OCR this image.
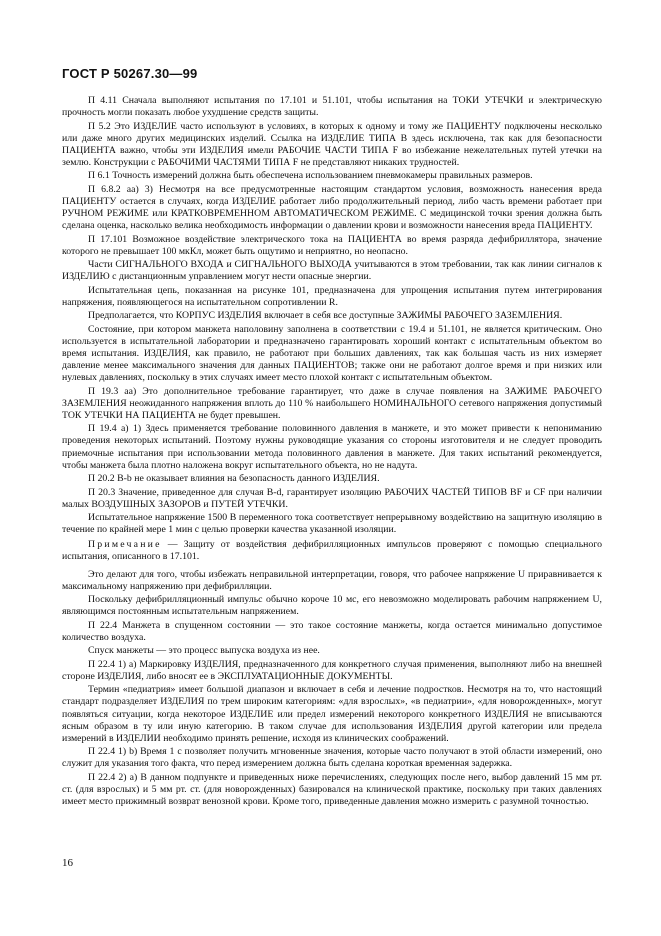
ГОСТ Р 50267.30—99

П 4.11 Сначала выполняют испытания по 17.101 и 51.101, чтобы испытания на ТОКИ УТЕЧКИ и электрическую прочность могли показать любое ухудшение средств защиты.

П 5.2 Это ИЗДЕЛИЕ часто используют в условиях, в которых к одному и тому же ПАЦИЕНТУ подключены несколько или даже много других медицинских изделий. Ссылка на ИЗДЕЛИЕ ТИПА В здесь исключена, так как для безопасности ПАЦИЕНТА важно, чтобы эти ИЗДЕЛИЯ имели РАБОЧИЕ ЧАСТИ ТИПА F во избежание нежелательных путей утечки на землю. Конструкции с РАБОЧИМИ ЧАСТЯМИ ТИПА F не представляют никаких трудностей.

П 6.1 Точность измерений должна быть обеспечена использованием пневмокамеры правильных размеров.

П 6.8.2 аа) 3) Несмотря на все предусмотренные настоящим стандартом условия, возможность нанесения вреда ПАЦИЕНТУ остается в случаях, когда ИЗДЕЛИЕ работает либо продолжительный период, либо часть времени работает при РУЧНОМ РЕЖИМЕ или КРАТКОВРЕМЕННОМ АВТОМАТИЧЕСКОМ РЕЖИМЕ. С медицинской точки зрения должна быть сделана оценка, насколько велика необходимость информации о давлении крови и возможности нанесения вреда ПАЦИЕНТУ.

П 17.101 Возможное воздействие электрического тока на ПАЦИЕНТА во время разряда дефибриллятора, значение которого не превышает 100 мкКл, может быть ощутимо и неприятно, но неопасно.

Части СИГНАЛЬНОГО ВХОДА и СИГНАЛЬНОГО ВЫХОДА учитываются в этом требовании, так как линии сигналов к ИЗДЕЛИЮ с дистанционным управлением могут нести опасные энергии.

Испытательная цепь, показанная на рисунке 101, предназначена для упрощения испытания путем интегрирования напряжения, появляющегося на испытательном сопротивлении R.

Предполагается, что КОРПУС ИЗДЕЛИЯ включает в себя все доступные ЗАЖИМЫ РАБОЧЕГО ЗАЗЕМЛЕНИЯ.

Состояние, при котором манжета наполовину заполнена в соответствии с 19.4 и 51.101, не является критическим. Оно используется в испытательной лаборатории и предназначено гарантировать хороший контакт с испытательным объектом во время испытания. ИЗДЕЛИЯ, как правило, не работают при больших давлениях, так как большая часть из них измеряет давление менее максимального значения для данных ПАЦИЕНТОВ; также они не работают долгое время и при низких или нулевых давлениях, поскольку в этих случаях имеет место плохой контакт с испытательным объектом.

П 19.3 аа) Это дополнительное требование гарантирует, что даже в случае появления на ЗАЖИМЕ РАБОЧЕГО ЗАЗЕМЛЕНИЯ неожиданного напряжения вплоть до 110 % наибольшего НОМИНАЛЬНОГО сетевого напряжения допустимый ТОК УТЕЧКИ НА ПАЦИЕНТА не будет превышен.

П 19.4 а) 1) Здесь применяется требование половинного давления в манжете, и это может привести к непониманию проведения некоторых испытаний. Поэтому нужны руководящие указания со стороны изготовителя и не следует проводить приемочные испытания при использовании метода половинного давления в манжете. Для таких испытаний рекомендуется, чтобы манжета была плотно наложена вокруг испытательного объекта, но не надута.

П 20.2 В-b не оказывает влияния на безопасность данного ИЗДЕЛИЯ.

П 20.3 Значение, приведенное для случая В-d, гарантирует изоляцию РАБОЧИХ ЧАСТЕЙ ТИПОВ BF и CF при наличии малых ВОЗДУШНЫХ ЗАЗОРОВ и ПУТЕЙ УТЕЧКИ.

Испытательное напряжение 1500 В переменного тока соответствует непрерывному воздействию на защитную изоляцию в течение по крайней мере 1 мин с целью проверки качества указанной изоляции.

Примечание — Защиту от воздействия дефибрилляционных импульсов проверяют с помощью специального испытания, описанного в 17.101.

Это делают для того, чтобы избежать неправильной интерпретации, говоря, что рабочее напряжение U приравнивается к максимальному напряжению при дефибрилляции.

Поскольку дефибрилляционный импульс обычно короче 10 мс, его невозможно моделировать рабочим напряжением U, являющимся постоянным испытательным напряжением.

П 22.4 Манжета в спущенном состоянии — это такое состояние манжеты, когда остается минимально допустимое количество воздуха.

Спуск манжеты — это процесс выпуска воздуха из нее.

П 22.4 1) а) Маркировку ИЗДЕЛИЯ, предназначенного для конкретного случая применения, выполняют либо на внешней стороне ИЗДЕЛИЯ, либо вносят ее в ЭКСПЛУАТАЦИОННЫЕ ДОКУМЕНТЫ.

Термин «педиатрия» имеет большой диапазон и включает в себя и лечение подростков. Несмотря на то, что настоящий стандарт подразделяет ИЗДЕЛИЯ по трем широким категориям: «для взрослых», «в педиатрии», «для новорожденных», могут появляться ситуации, когда некоторое ИЗДЕЛИЕ или предел измерений некоторого конкретного ИЗДЕЛИЯ не вписываются ясным образом в ту или иную категорию. В таком случае для использования ИЗДЕЛИЯ другой категории или предела измерений в ИЗДЕЛИИ необходимо принять решение, исходя из клинических соображений.

П 22.4 1) b) Время 1 с позволяет получить мгновенные значения, которые часто получают в этой области измерений, оно служит для указания того факта, что перед измерением должна быть сделана короткая временная задержка.

П 22.4 2) а) В данном подпункте и приведенных ниже перечислениях, следующих после него, выбор давлений 15 мм рт. ст. (для взрослых) и 5 мм рт. ст. (для новорожденных) базировался на клинической практике, поскольку при таких давлениях имеет место прижимный возврат венозной крови. Кроме того, приведенные давления можно измерить с разумной точностью.

16
